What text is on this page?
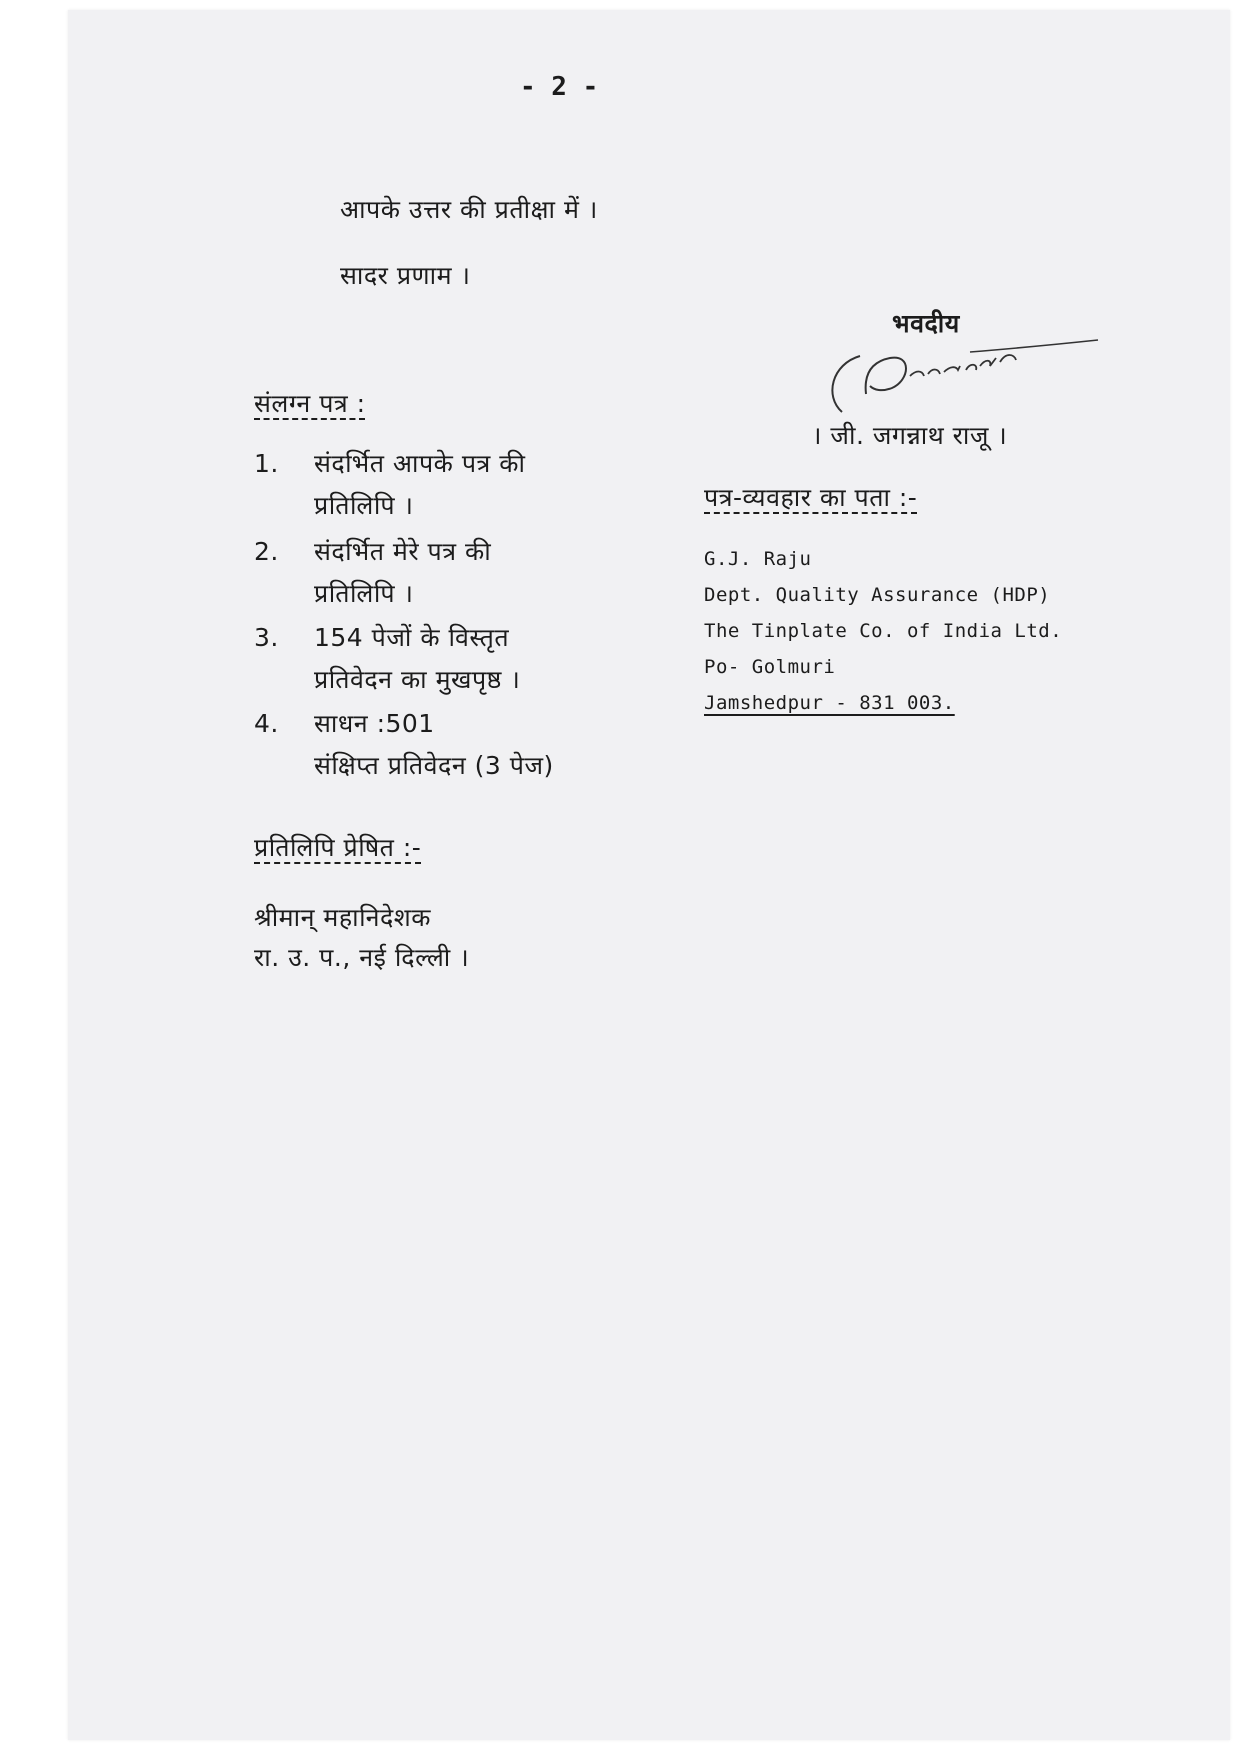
- 2 -
आपके उत्तर की प्रतीक्षा में ।
सादर प्रणाम ।
भवदीय
। जी. जगन्नाथ राजू ।
संलग्न पत्र :
1. संदर्भित आपके पत्र की
प्रतिलिपि ।
2. संदर्भित मेरे पत्र की
प्रतिलिपि ।
3. 154 पेजों के विस्तृत
प्रतिवेदन का मुखपृष्ठ ।
4. साधन :501
संक्षिप्त प्रतिवेदन (3 पेज)
पत्र-व्यवहार का पता :-
G.J. Raju
Dept. Quality Assurance (HDP)
The Tinplate Co. of India Ltd.
Po- Golmuri
Jamshedpur - 831 003.
प्रतिलिपि प्रेषित :-
श्रीमान् महानिदेशक
रा. उ. प., नई दिल्ली ।
